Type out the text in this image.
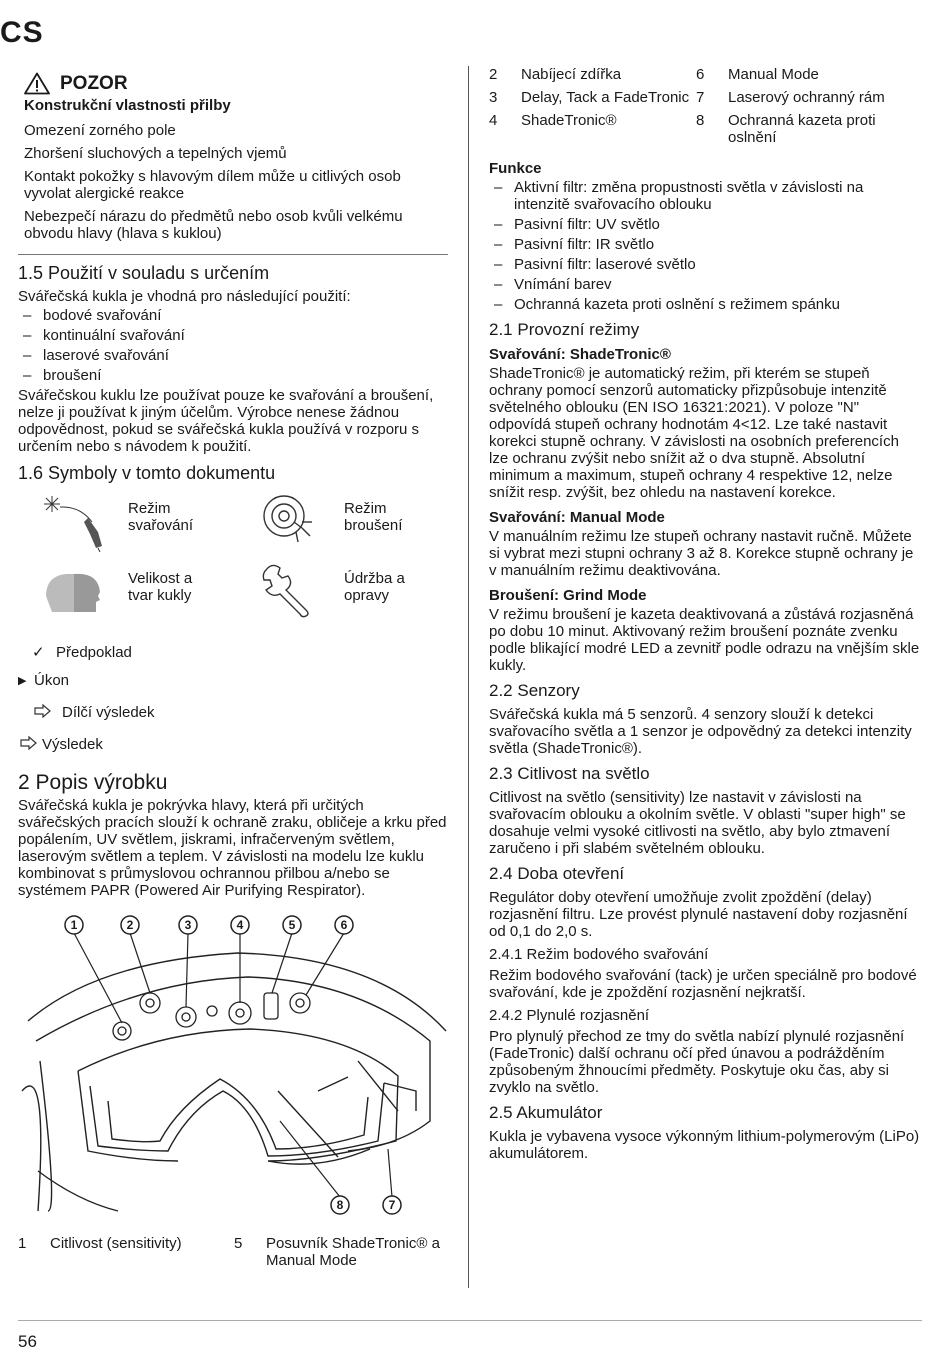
CS
POZOR
Konstrukční vlastnosti přilby

Omezení zorného pole

Zhoršení sluchových a tepelných vjemů

Kontakt pokožky s hlavovým dílem může u citlivých osob vyvolat alergické reakce

Nebezpečí nárazu do předmětů nebo osob kvůli velkému obvodu hlavy (hlava s kuklou)

1.5 Použití v souladu s určením

Svářečská kukla je vhodná pro následující použití:

– bodové svařování
– kontinuální svařování
– laserové svařování
– broušení

Svářečskou kuklu lze používat pouze ke svařování a broušení, nelze ji používat k jiným účelům. Výrobce nenese žádnou odpovědnost, pokud se svářečská kukla používá v rozporu s určením nebo s návodem k použití.

1.6 Symboly v tomto dokumentu
Režim svařování
Režim broušení
Velikost a tvar kukly
Údržba a opravy
✓ Předpoklad
▶ Úkon
Dílčí výsledek
Výsledek
2 Popis výrobku

Svářečská kukla je pokrývka hlavy, která při určitých svářečských pracích slouží k ochraně zraku, obličeje a krku před popálením, UV světlem, jiskrami, infračerveným světlem, laserovým světlem a teplem. V závislosti na modelu lze kuklu kombinovat s průmyslovou ochrannou přilbou a/nebo se systémem PAPR (Powered Air Purifying Respirator).

1	2	3	4	5	6
8	7
1	Citlivost (sensitivity)	5	Posuvník ShadeTronic® a Manual Mode
2	Nabíjecí zdířka	6	Manual Mode
3	Delay, Tack a FadeTronic 7	Laserový ochranný rám
4	ShadeTronic®	8	Ochranná kazeta proti oslnění
Funkce
– Aktivní filtr: změna propustnosti světla v závislosti na intenzitě svařovacího oblouku
– Pasivní filtr: UV světlo
– Pasivní filtr: IR světlo
– Pasivní filtr: laserové světlo
– Vnímání barev
– Ochranná kazeta proti oslnění s režimem spánku
2.1 Provozní režimy
Svařování: ShadeTronic®

ShadeTronic® je automatický režim, při kterém se stupeň ochrany pomocí senzorů automaticky přizpůsobuje intenzitě světelného oblouku (EN ISO 16321:2021). V poloze "N" odpovídá stupeň ochrany hodnotám 4<12. Lze také nastavit korekci stupně ochrany. V závislosti na osobních preferencích lze ochranu zvýšit nebo snížit až o dva stupně. Absolutní minimum a maximum, stupeň ochrany 4 respektive 12, nelze snížit resp. zvýšit, bez ohledu na nastavení korekce.

Svařování: Manual Mode

V manuálním režimu lze stupeň ochrany nastavit ručně. Můžete si vybrat mezi stupni ochrany 3 až 8. Korekce stupně ochrany je v manuálním režimu deaktivována.

Broušení: Grind Mode

V režimu broušení je kazeta deaktivovaná a zůstává rozjasněná po dobu 10 minut. Aktivovaný režim broušení poznáte zvenku podle blikající modré LED a zevnitř podle odrazu na vnějším skle kukly.

2.2 Senzory

Svářečská kukla má 5 senzorů. 4 senzory slouží k detekci svařovacího světla a 1 senzor je odpovědný za detekci intenzity světla (ShadeTronic®).

2.3 Citlivost na světlo

Citlivost na světlo (sensitivity) lze nastavit v závislosti na svařovacím oblouku a okolním světle. V oblasti "super high" se dosahuje velmi vysoké citlivosti na světlo, aby bylo ztmavení zaručeno i při slabém světelném oblouku.

2.4 Doba otevření

Regulátor doby otevření umožňuje zvolit zpoždění (delay) rozjasnění filtru. Lze provést plynulé nastavení doby rozjasnění od 0,1 do 2,0 s.

2.4.1 Režim bodového svařování

Režim bodového svařování (tack) je určen speciálně pro bodové svařování, kde je zpoždění rozjasnění nejkratší.

2.4.2 Plynulé rozjasnění

Pro plynulý přechod ze tmy do světla nabízí plynulé rozjasnění (FadeTronic) další ochranu očí před únavou a podrážděním způsobeným žhnoucími předměty. Poskytuje oku čas, aby si zvyklo na světlo.

2.5 Akumulátor

Kukla je vybavena vysoce výkonným lithium-polymerovým (LiPo) akumulátorem.

56
